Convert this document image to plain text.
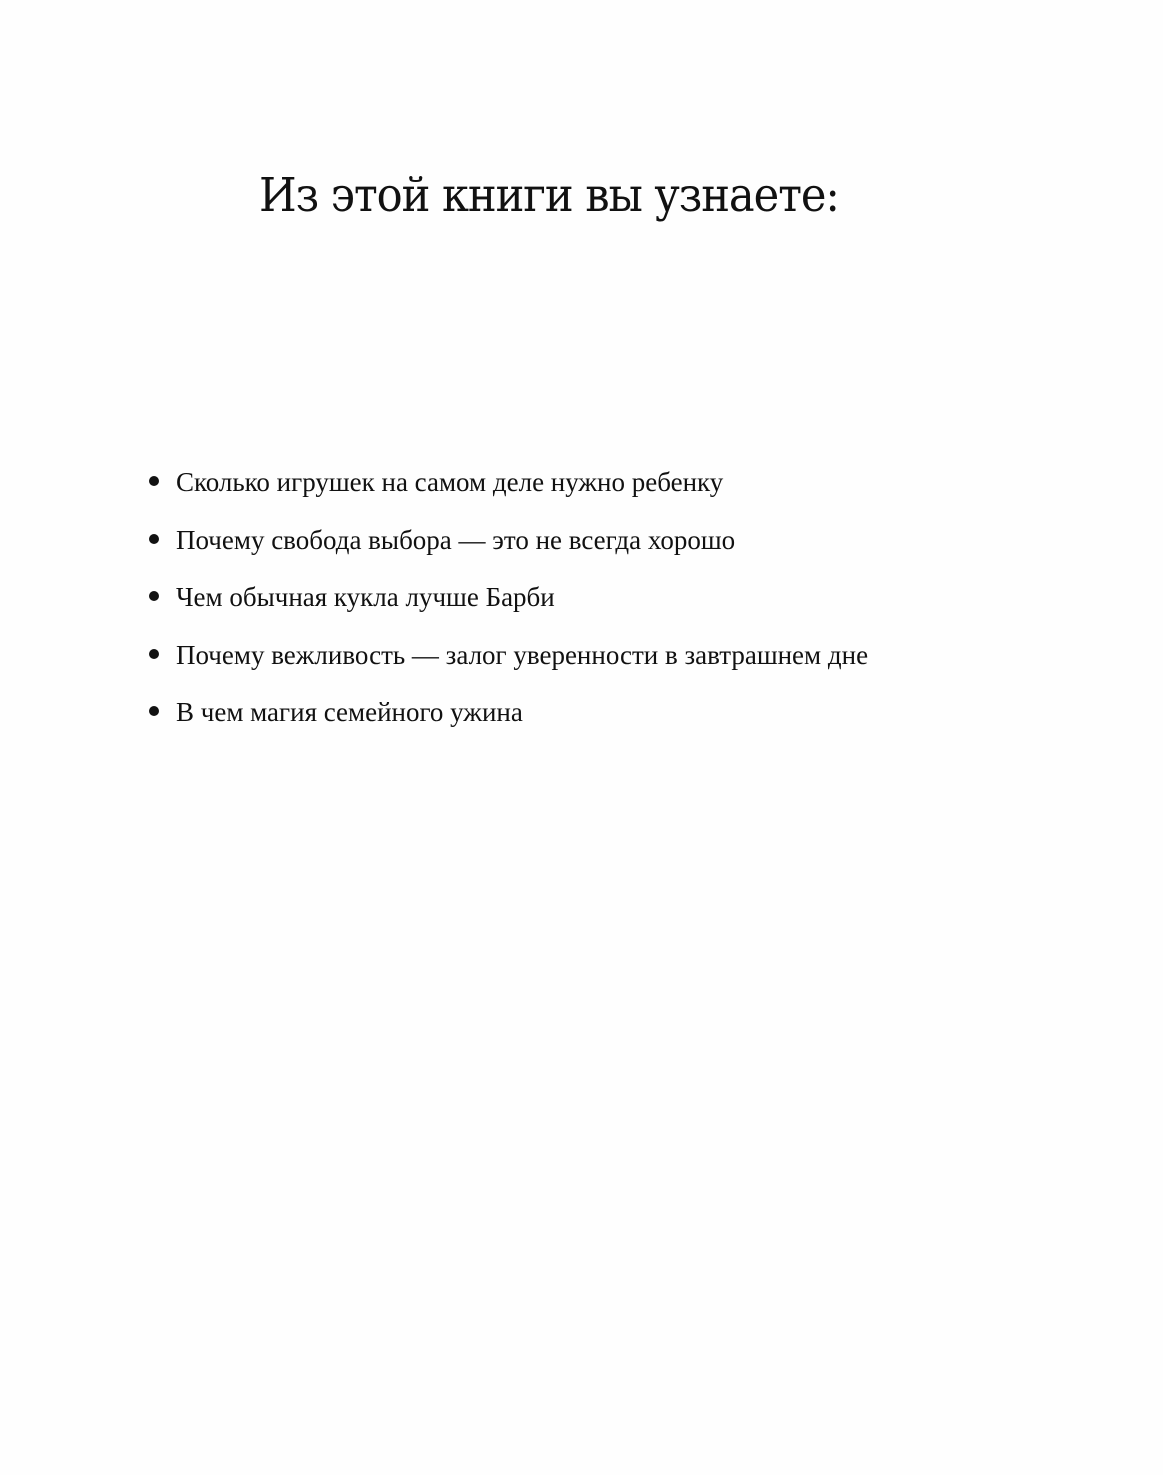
Из этой книги вы узнаете:
Сколько игрушек на самом деле нужно ребенку
Почему свобода выбора — это не всегда хорошо
Чем обычная кукла лучше Барби
Почему вежливость — залог уверенности в завтрашнем дне
В чем магия семейного ужина
